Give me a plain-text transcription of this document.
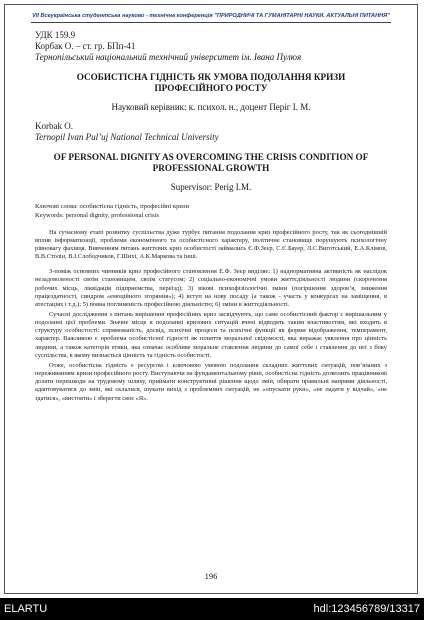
VII Всеукраїнська студентська науково - технічна конференція "ПРИРОДНИЧІ ТА ГУМАНІТАРНІ НАУКИ. АКТУАЛЬНІ ПИТАННЯ"

УДК 159.9

Корбак О. – ст. гр. БПп-41

Тернопільський національний технічний університет ім. Івана Пулюя

ОСОБИСТІСНА ГІДНІСТЬ ЯК УМОВА ПОДОЛАННЯ КРИЗИ ПРОФЕСІЙНОГО РОСТУ
Науковий керівник: к. психол. н., доцент Періг І. М.

Korbak O.

Ternopil Ivan Pul’uj National Technical University

OF PERSONAL DIGNITY AS OVERCOMING THE CRISIS CONDITION OF PROFESSIONAL GROWTH
Supervisor: Perig I.M.
Ключові слова: особистісна гідність, професійні кризи
Keywords: personal dignity, professional crisis

На сучасному етапі розвитку суспільства дуже турбує питання подолання криз професійного росту, так як сьогоднішній вплив інформатизації, проблеми економічного та особистісного характеру, політичне становище порушують психологічну рівновагу фахівця. Вивченням питань життєвих криз особистості займались Є.Ф.Зеєр, С.Є.Бауер, Л.С.Виготський, Е.А.Клімов, В.В.Столін, В.І.Слободчиков, Г.Шихі, А.К.Маркова та інші.

З-поміж основних чинників криз професійного становлення Е.Ф. Зеєр виділяє: 1) наднормативна активність як наслідок незадоволеності своїм становищем, своїм статусом; 2) соціально-економічні умови життєдіяльності людини (скорочення робочих місць, ліквідація підприємства, переїзд); 3) вікові психофізіологічні зміни (погіршення здоров’я, зниження працездатності, синдром «емоційного згоряння»); 4) вступ на нову посаду (а також - участь у конкурсах на заміщення, в атестаціях і т.д.); 5) повна поглиненість професійною діяльністю; 6) зміни в життєдіяльності.

Сучасні дослідження з питань вирішення професійних криз засвідчують, що саме особистісний фактор є вирішальним у подоланні цієї проблеми. Значне місце в подоланні кризових ситуацій вчені відводять таким властивостям, які входять в структуру особистості: спрямованість, досвід, психічні процеси та психічні функції як форми відображення, темперамент, характер. Важливою є проблема особистісної гідності як поняття моральної свідомості, яка виражає уявлення про цінність людини, а також категорія етики, яка означає особливе моральне ставлення людини до самої себе і ставлення до неї з боку суспільства, в якому визнається цінність та гідність особистості.

Отже, особистісна гідність є ресурсом і ключовою умовою подолання складних життєвих ситуацій, пов’язаних з переживанням кризи професійного росту. Виступаючи на фундаментальному рівні, особистісна гідність дозволить працівникові долати перешкоди на трудовому шляху, приймати конструктивні рішення щодо змін, обирати правильні напрями діяльності, адаптовуватися до змін, які склалися, шукати вихід з проблемних ситуацій, не «опускати руки», «не падати у відчай», «не здатися», «вистояти» і зберегти своє «Я».

196
ELARTU	hdl:123456789/13317
